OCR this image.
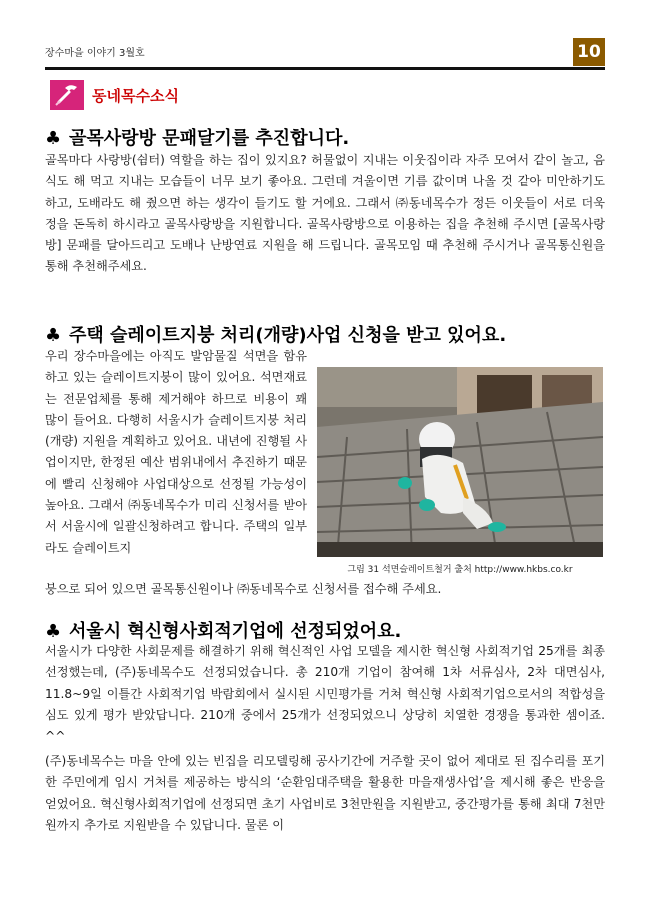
장수마을 이야기 3월호	10
동네목수소식
♣ 골목사랑방 문패달기를 추진합니다.

골목마다 사랑방(쉼터) 역할을 하는 집이 있지요? 허물없이 지내는 이웃집이라 자주 모여서 같이 놀고, 음식도 해 먹고 지내는 모습들이 너무 보기 좋아요. 그런데 겨울이면 기름 값이며 나올 것 같아 미안하기도 하고, 도배라도 해 줬으면 하는 생각이 들기도 할 거에요. 그래서 ㈜동네목수가 정든 이웃들이 서로 더욱 정을 돈독히 하시라고 골목사랑방을 지원합니다. 골목사랑방으로 이용하는 집을 추천해 주시면 [골목사랑방] 문패를 달아드리고 도배나 난방연료 지원을 해 드립니다. 골목모임 때 추천해 주시거나 골목통신원을 통해 추천해주세요.

♣ 주택 슬레이트지붕 처리(개량)사업 신청을 받고 있어요.

우리 장수마을에는 아직도 발암물질 석면을 함유하고 있는 슬레이트지붕이 많이 있어요. 석면재료는 전문업체를 통해 제거해야 하므로 비용이 꽤 많이 들어요. 다행히 서울시가 슬레이트지붕 처리(개량) 지원을 계획하고 있어요. 내년에 진행될 사업이지만, 한정된 예산 범위내에서 추진하기 때문에 빨리 신청해야 사업대상으로 선정될 가능성이 높아요. 그래서 ㈜동네목수가 미리 신청서를 받아서 서울시에 일괄신청하려고 합니다. 주택의 일부라도 슬레이트지

그림 31 석면슬레이트철거 출처 http://www.hkbs.co.kr
붕으로 되어 있으면 골목통신원이나 ㈜동네목수로 신청서를 접수해 주세요.
♣ 서울시 혁신형사회적기업에 선정되었어요.

서울시가 다양한 사회문제를 해결하기 위해 혁신적인 사업 모델을 제시한 혁신형 사회적기업 25개를 최종 선정했는데, (주)동네목수도 선정되었습니다. 총 210개 기업이 참여해 1차 서류심사, 2차 대면심사, 11.8~9일 이틀간 사회적기업 박람회에서 실시된 시민평가를 거쳐 혁신형 사회적기업으로서의 적합성을 심도 있게 평가 받았답니다. 210개 중에서 25개가 선정되었으니 상당히 치열한 경쟁을 통과한 셈이죠. ^^

(주)동네목수는 마을 안에 있는 빈집을 리모델링해 공사기간에 거주할 곳이 없어 제대로 된 집수리를 포기한 주민에게 임시 거처를 제공하는 방식의 ‘순환임대주택을 활용한 마을재생사업’을 제시해 좋은 반응을 얻었어요. 혁신형사회적기업에 선정되면 초기 사업비로 3천만원을 지원받고, 중간평가를 통해 최대 7천만원까지 추가로 지원받을 수 있답니다. 물론 이
